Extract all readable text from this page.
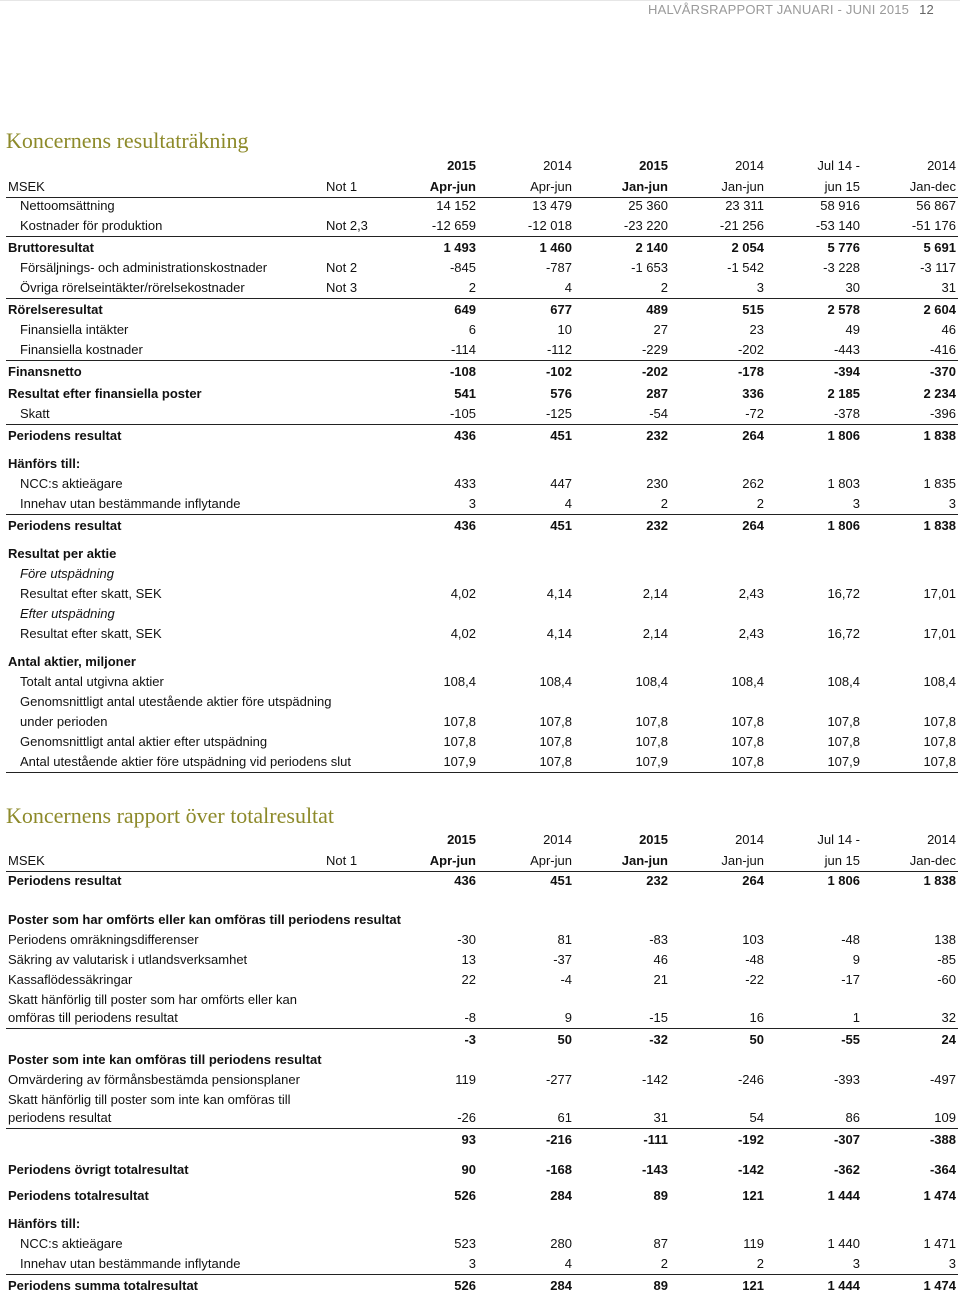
HALVÅRSRAPPORT JANUARI - JUNI 2015 12
Koncernens resultaträkning
2015	2014	2015	2014	Jul 14 -	2014
MSEK	Not 1	Apr-jun	Apr-jun	Jan-jun	Jan-jun	jun 15	Jan-dec
Nettoomsättning	14 152	13 479	25 360	23 311	58 916	56 867
Kostnader för produktion	Not 2,3	-12 659	-12 018	-23 220	-21 256	-53 140	-51 176
Bruttoresultat	1 493	1 460	2 140	2 054	5 776	5 691
Försäljnings- och administrationskostnader	Not 2	-845	-787	-1 653	-1 542	-3 228	-3 117
Övriga rörelseintäkter/rörelsekostnader	Not 3	2	4	2	3	30	31
Rörelseresultat	649	677	489	515	2 578	2 604
Finansiella intäkter	6	10	27	23	49	46
Finansiella kostnader	-114	-112	-229	-202	-443	-416
Finansnetto	-108	-102	-202	-178	-394	-370
Resultat efter finansiella poster	541	576	287	336	2 185	2 234
Skatt	-105	-125	-54	-72	-378	-396
Periodens resultat	436	451	232	264	1 806	1 838
Hänförs till:
NCC:s aktieägare	433	447	230	262	1 803	1 835
Innehav utan bestämmande inflytande	3	4	2	2	3	3
Periodens resultat	436	451	232	264	1 806	1 838
Resultat per aktie
Före utspädning
Resultat efter skatt, SEK	4,02	4,14	2,14	2,43	16,72	17,01
Efter utspädning
Resultat efter skatt, SEK	4,02	4,14	2,14	2,43	16,72	17,01
Antal aktier, miljoner
Totalt antal utgivna aktier	108,4	108,4	108,4	108,4	108,4	108,4
Genomsnittligt antal utestående aktier före utspädning
under perioden	107,8	107,8	107,8	107,8	107,8	107,8
Genomsnittligt antal aktier efter utspädning	107,8	107,8	107,8	107,8	107,8	107,8
Antal utestående aktier före utspädning vid periodens slut	107,9	107,8	107,9	107,8	107,9	107,8
Koncernens rapport över totalresultat
2015	2014	2015	2014	Jul 14 -	2014
MSEK	Not 1	Apr-jun	Apr-jun	Jan-jun	Jan-jun	jun 15	Jan-dec
Periodens resultat	436	451	232	264	1 806	1 838
Poster som har omförts eller kan omföras till periodens resultat
Periodens omräkningsdifferenser	-30	81	-83	103	-48	138
Säkring av valutarisk i utlandsverksamhet	13	-37	46	-48	9	-85
Kassaflödessäkringar	22	-4	21	-22	-17	-60
Skatt hänförlig till poster som har omförts eller kan
omföras till periodens resultat	-8	9	-15	16	1	32
-3	50	-32	50	-55	24
Poster som inte kan omföras till periodens resultat
Omvärdering av förmånsbestämda pensionsplaner	119	-277	-142	-246	-393	-497
Skatt hänförlig till poster som inte kan omföras till
periodens resultat	-26	61	31	54	86	109
93	-216	-111	-192	-307	-388
Periodens övrigt totalresultat	90	-168	-143	-142	-362	-364
Periodens totalresultat	526	284	89	121	1 444	1 474
Hänförs till:
NCC:s aktieägare	523	280	87	119	1 440	1 471
Innehav utan bestämmande inflytande	3	4	2	2	3	3
Periodens summa totalresultat	526	284	89	121	1 444	1 474
